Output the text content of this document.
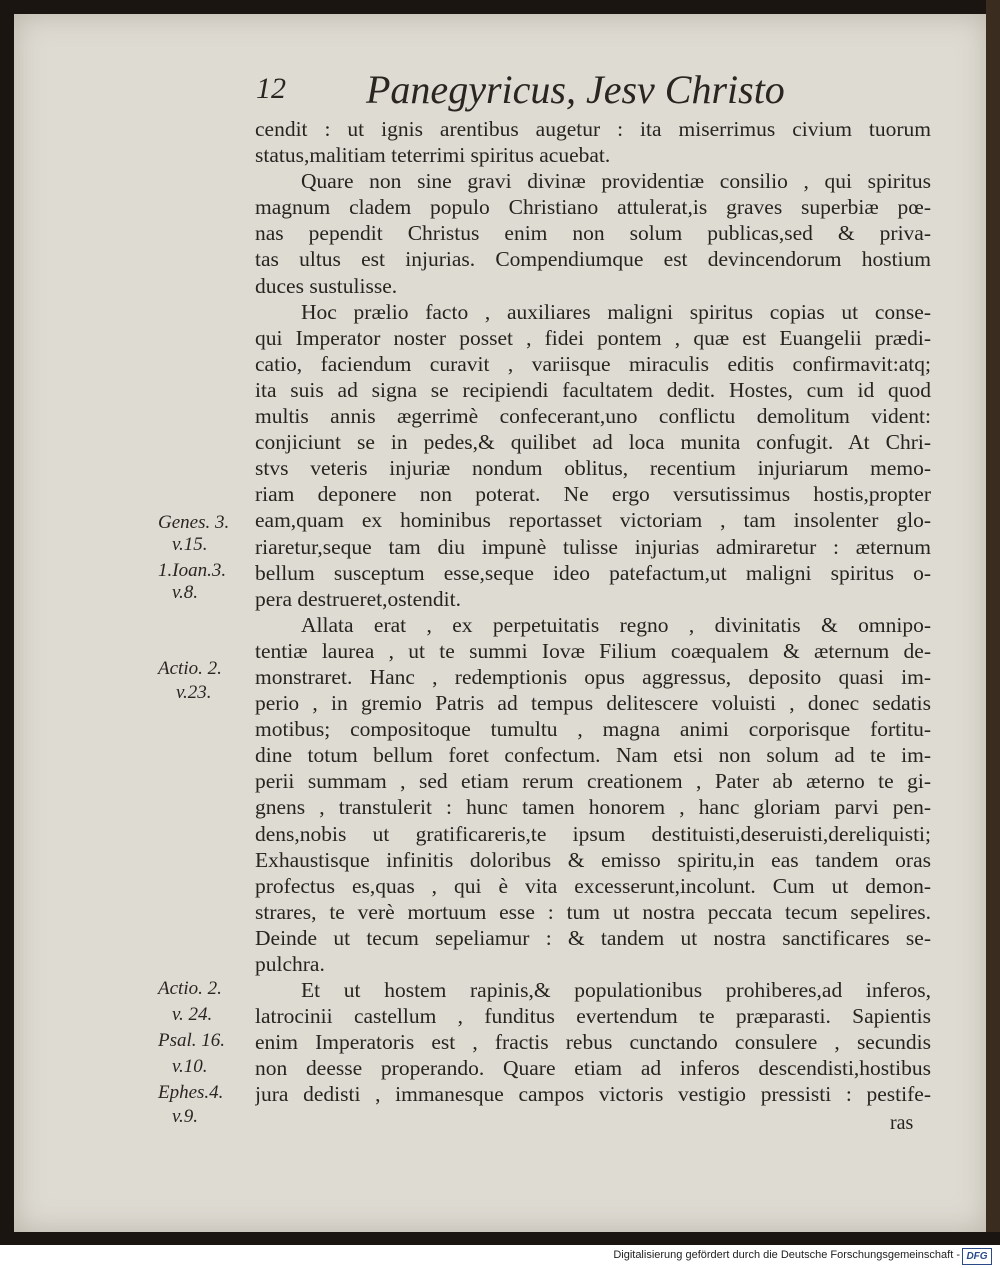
12 Panegyricus, Jesv Christo
cendit : ut ignis arentibus augetur : ita miserrimus civium tuorum
status,malitiam teterrimi spiritus acuebat.
Quare non sine gravi divinæ providentiæ consilio , qui spiritus
magnum cladem populo Christiano attulerat,is graves superbiæ pœ-
nas pependit Christus enim non solum publicas,sed & priva-
tas ultus est injurias. Compendiumque est devincendorum hostium
duces sustulisse.
Hoc prælio facto , auxiliares maligni spiritus copias ut conse-
qui Imperator noster posset , fidei pontem , quæ est Euangelii prædi-
catio, faciendum curavit , variisque miraculis editis confirmavit:atq;
ita suis ad signa se recipiendi facultatem dedit. Hostes, cum id quod
multis annis ægerrimè confecerant,uno conflictu demolitum vident:
conjiciunt se in pedes,& quilibet ad loca munita confugit. At Chri-
stvs veteris injuriæ nondum oblitus, recentium injuriarum memo-
riam deponere non poterat. Ne ergo versutissimus hostis,propter
eam,quam ex hominibus reportasset victoriam , tam insolenter glo-
riaretur,seque tam diu impunè tulisse injurias admiraretur : æternum
bellum susceptum esse,seque ideo patefactum,ut maligni spiritus o-
pera destrueret,ostendit.
Allata erat , ex perpetuitatis regno , divinitatis & omnipo-
tentiæ laurea , ut te summi Iovæ Filium coæqualem & æternum de-
monstraret. Hanc , redemptionis opus aggressus, deposito quasi im-
perio , in gremio Patris ad tempus delitescere voluisti , donec sedatis
motibus; compositoque tumultu , magna animi corporisque fortitu-
dine totum bellum foret confectum. Nam etsi non solum ad te im-
perii summam , sed etiam rerum creationem , Pater ab æterno te gi-
gnens , transtulerit : hunc tamen honorem , hanc gloriam parvi pen-
dens,nobis ut gratificareris,te ipsum destituisti,deseruisti,dereliquisti;
Exhaustisque infinitis doloribus & emisso spiritu,in eas tandem oras
profectus es,quas , qui è vita excesserunt,incolunt. Cum ut demon-
strares, te verè mortuum esse : tum ut nostra peccata tecum sepelires.
Deinde ut tecum sepeliamur : & tandem ut nostra sanctificares se-
pulchra.
Et ut hostem rapinis,& populationibus prohiberes,ad inferos,
latrocinii castellum , funditus evertendum te præparasti. Sapientis
enim Imperatoris est , fractis rebus cunctando consulere , secundis
non deesse properando. Quare etiam ad inferos descendisti,hostibus
jura dedisti , immanesque campos victoris vestigio pressisti : pestife-
Genes. 3.
v.15.
1.Ioan.3.
v.8.
Actio. 2.
v.23.
Actio. 2.
v. 24.
Psal. 16.
v.10.
Ephes.4.
v.9.	ras
Digitalisierung gefördert durch die Deutsche Forschungsgemeinschaft - DFG
